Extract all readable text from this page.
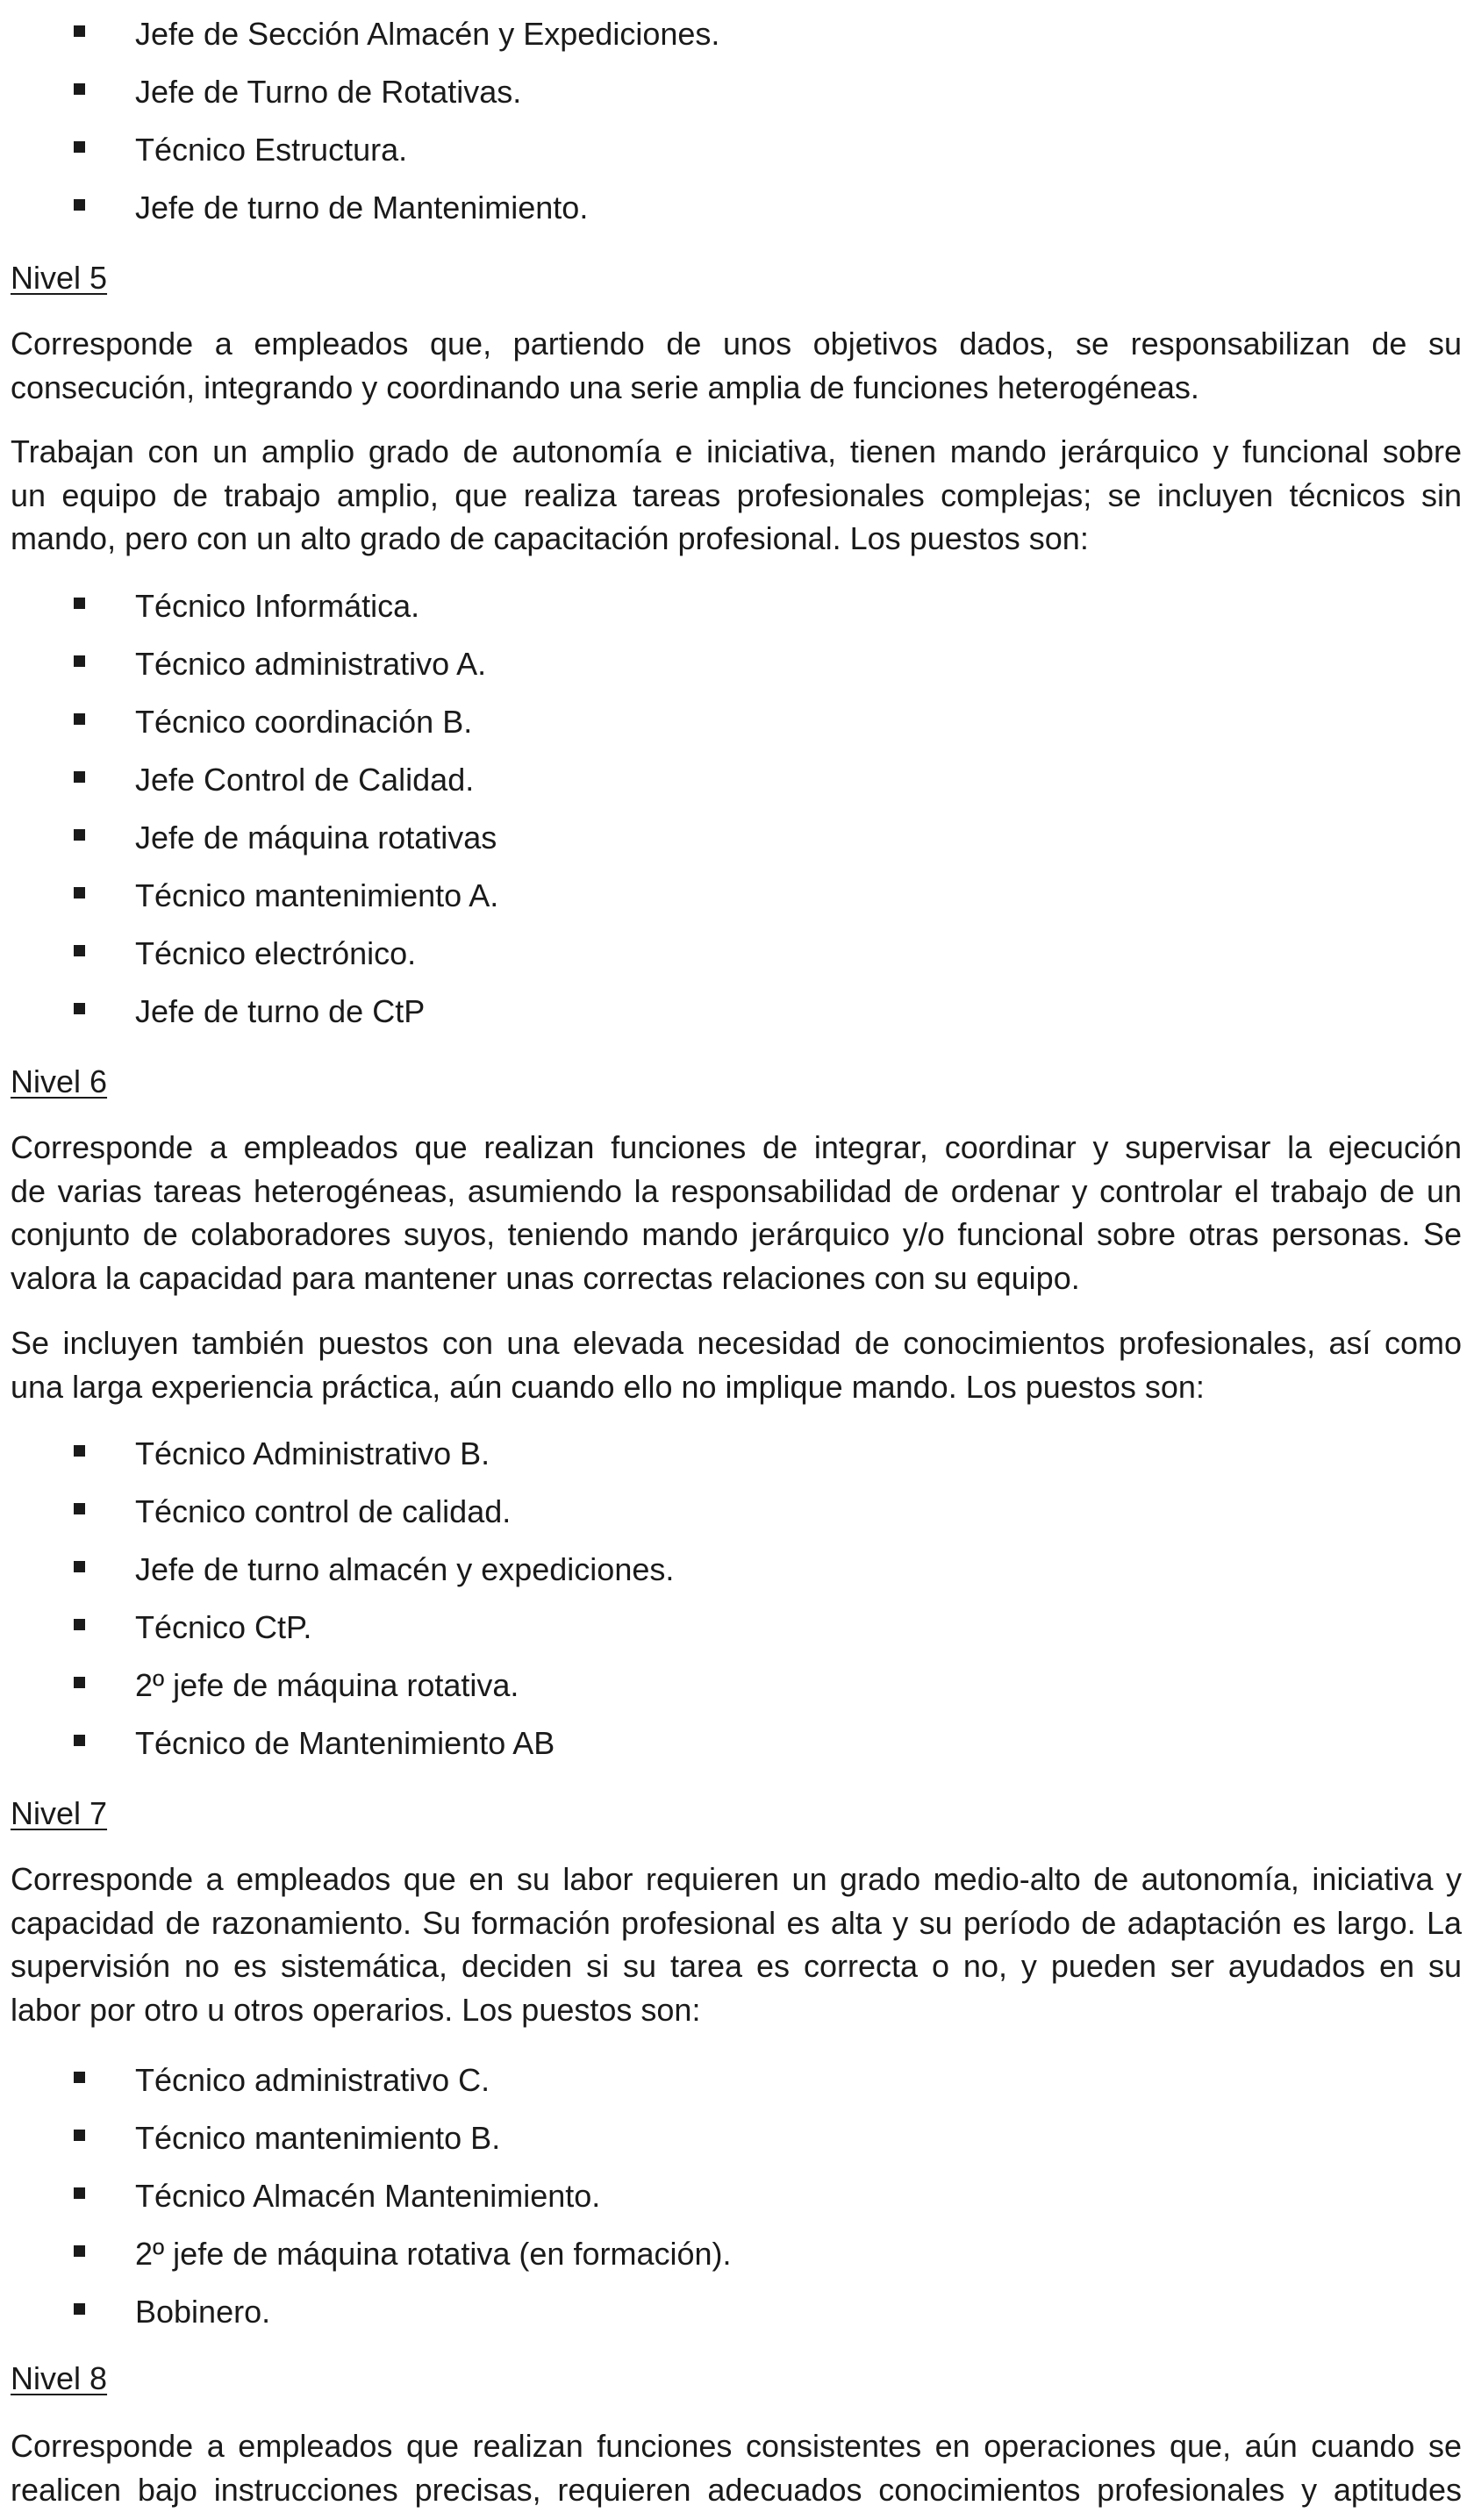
Jefe de Sección Almacén y Expediciones.
Jefe de Turno de Rotativas.
Técnico Estructura.
Jefe de turno de Mantenimiento.
Nivel 5
Corresponde a empleados que, partiendo de unos objetivos dados, se responsabilizan de su
consecución, integrando y coordinando una serie amplia de funciones heterogéneas.
Trabajan con un amplio grado de autonomía e iniciativa, tienen mando jerárquico y funcional sobre
un equipo de trabajo amplio, que realiza tareas profesionales complejas; se incluyen técnicos sin
mando, pero con un alto grado de capacitación profesional. Los puestos son:
Técnico Informática.
Técnico administrativo A.
Técnico coordinación B.
Jefe Control de Calidad.
Jefe de máquina rotativas
Técnico mantenimiento A.
Técnico electrónico.
Jefe de turno de CtP
Nivel 6
Corresponde a empleados que realizan funciones de integrar, coordinar y supervisar la ejecución
de varias tareas heterogéneas, asumiendo la responsabilidad de ordenar y controlar el trabajo de un
conjunto de colaboradores suyos, teniendo mando jerárquico y/o funcional sobre otras personas. Se
valora la capacidad para mantener unas correctas relaciones con su equipo.
Se incluyen también puestos con una elevada necesidad de conocimientos profesionales, así como
una larga experiencia práctica, aún cuando ello no implique mando. Los puestos son:
Técnico Administrativo B.
Técnico control de calidad.
Jefe de turno almacén y expediciones.
Técnico CtP.
2º jefe de máquina rotativa.
Técnico de Mantenimiento AB
Nivel 7
Corresponde a empleados que en su labor requieren un grado medio-alto de autonomía, iniciativa y
capacidad de razonamiento. Su formación profesional es alta y su período de adaptación es largo. La
supervisión no es sistemática, deciden si su tarea es correcta o no, y pueden ser ayudados en su
labor por otro u otros operarios. Los puestos son:
Técnico administrativo C.
Técnico mantenimiento B.
Técnico Almacén Mantenimiento.
2º jefe de máquina rotativa (en formación).
Bobinero.
Nivel 8
Corresponde a empleados que realizan funciones consistentes en operaciones que, aún cuando se
realicen bajo instrucciones precisas, requieren adecuados conocimientos profesionales y aptitudes
